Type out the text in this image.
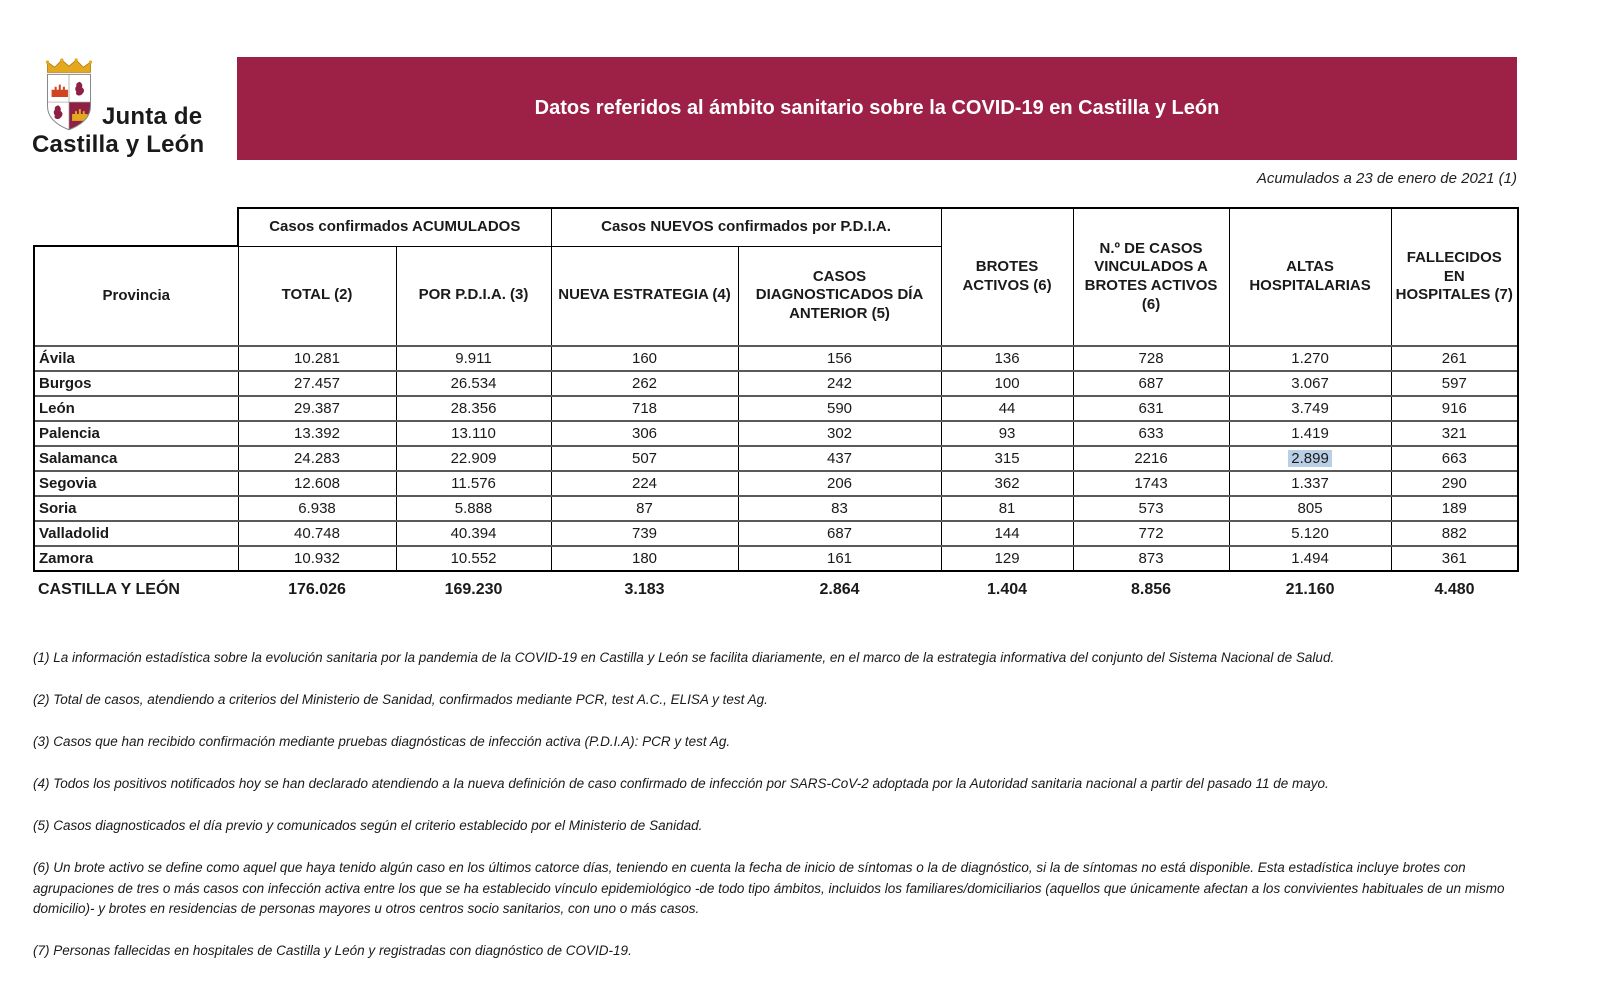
Junta de
Castilla y León
Datos referidos al ámbito sanitario sobre la COVID-19 en Castilla y León
Acumulados a 23 de enero de 2021 (1)
	Casos confirmados ACUMULADOS		Casos NUEVOS confirmados por P.D.I.A.		BROTES ACTIVOS (6)	N.º DE CASOS VINCULADOS A BROTES ACTIVOS (6)	ALTAS HOSPITALARIAS	FALLECIDOS EN HOSPITALES (7)
Provincia	TOTAL (2)	POR P.D.I.A. (3)	NUEVA ESTRATEGIA (4)	CASOS DIAGNOSTICADOS DÍA ANTERIOR (5)				
Ávila	10.281	9.911	160	156	136	728	1.270	261
Burgos	27.457	26.534	262	242	100	687	3.067	597
León	29.387	28.356	718	590	44	631	3.749	916
Palencia	13.392	13.110	306	302	93	633	1.419	321
Salamanca	24.283	22.909	507	437	315	2216	2.899	663
Segovia	12.608	11.576	224	206	362	1743	1.337	290
Soria	6.938	5.888	87	83	81	573	805	189
Valladolid	40.748	40.394	739	687	144	772	5.120	882
Zamora	10.932	10.552	180	161	129	873	1.494	361
CASTILLA Y LEÓN	176.026	169.230	3.183	2.864	1.404	8.856	21.160	4.480

(1) La información estadística sobre la evolución sanitaria por la pandemia de la COVID-19 en Castilla y León se facilita diariamente, en el marco de la estrategia informativa del conjunto del Sistema Nacional de Salud.

(2) Total de casos, atendiendo a criterios del Ministerio de Sanidad, confirmados mediante PCR, test A.C., ELISA y test Ag.

(3) Casos que han recibido confirmación mediante pruebas diagnósticas de infección activa (P.D.I.A): PCR y test Ag.

(4) Todos los positivos notificados hoy se han declarado atendiendo a la nueva definición de caso confirmado de infección por SARS-CoV-2 adoptada por la Autoridad sanitaria nacional a partir del pasado 11 de mayo.

(5) Casos diagnosticados el día previo y comunicados según el criterio establecido por el Ministerio de Sanidad.

(6) Un brote activo se define como aquel que haya tenido algún caso en los últimos catorce días, teniendo en cuenta la fecha de inicio de síntomas o la de diagnóstico, si la de síntomas no está disponible. Esta estadística incluye brotes con agrupaciones de tres o más casos con infección activa entre los que se ha establecido vínculo epidemiológico -de todo tipo ámbitos, incluidos los familiares/domiciliarios (aquellos que únicamente afectan a los convivientes habituales de un mismo domicilio)- y brotes en residencias de personas mayores u otros centros socio sanitarios, con uno o más casos.

(7) Personas fallecidas en hospitales de Castilla y León y registradas con diagnóstico de COVID-19.
